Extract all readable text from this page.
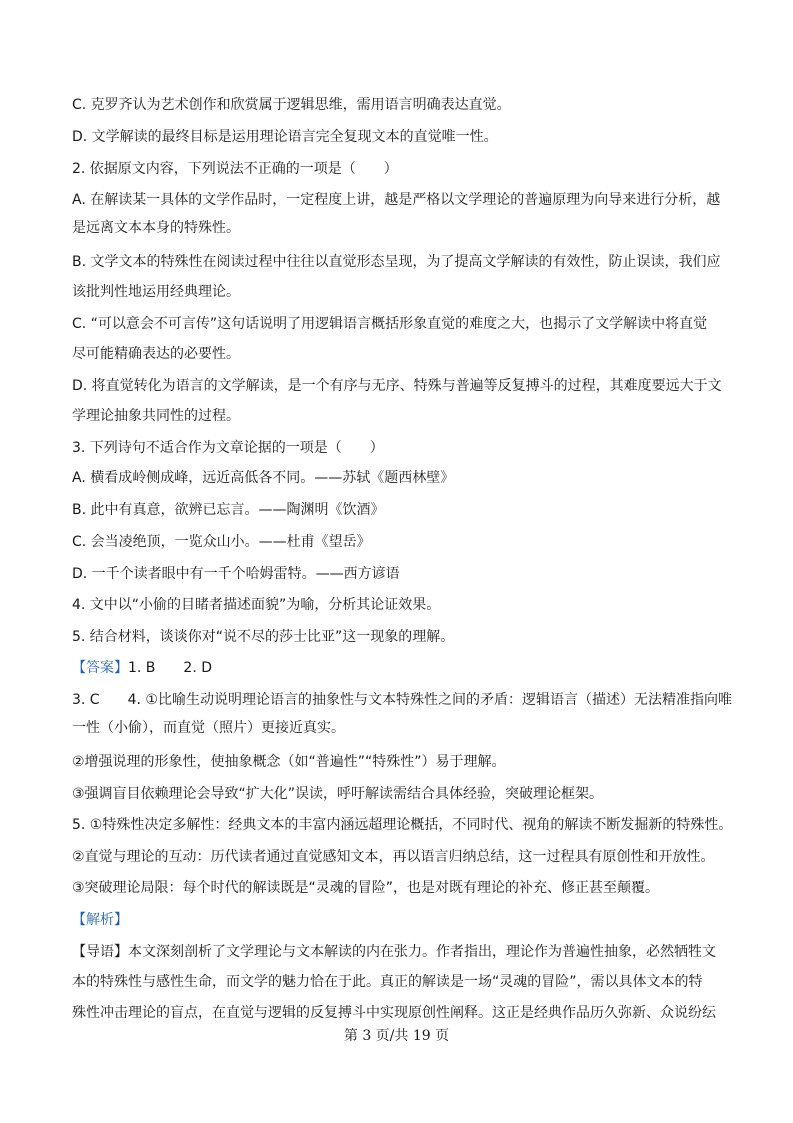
C. 克罗齐认为艺术创作和欣赏属于逻辑思维，需用语言明确表达直觉。
D. 文学解读的最终目标是运用理论语言完全复现文本的直觉唯一性。
2. 依据原文内容，下列说法不正确的一项是（　　）
A. 在解读某一具体的文学作品时，一定程度上讲，越是严格以文学理论的普遍原理为向导来进行分析，越
是远离文本本身的特殊性。
B. 文学文本的特殊性在阅读过程中往往以直觉形态呈现，为了提高文学解读的有效性，防止误读，我们应
该批判性地运用经典理论。
C. “可以意会不可言传”这句话说明了用逻辑语言概括形象直觉的难度之大，也揭示了文学解读中将直觉
尽可能精确表达的必要性。
D. 将直觉转化为语言的文学解读，是一个有序与无序、特殊与普遍等反复搏斗的过程，其难度要远大于文
学理论抽象共同性的过程。
3. 下列诗句不适合作为文章论据的一项是（　　）
A. 横看成岭侧成峰，远近高低各不同。——苏轼《题西林壁》
B. 此中有真意，欲辨已忘言。——陶渊明《饮酒》
C. 会当凌绝顶，一览众山小。——杜甫《望岳》
D. 一千个读者眼中有一千个哈姆雷特。——西方谚语
4. 文中以“小偷的目睹者描述面貌”为喻，分析其论证效果。
5. 结合材料，谈谈你对“说不尽的莎士比亚”这一现象的理解。
【答案】1. B　　2. D
3. C　　4. ①比喻生动说明理论语言的抽象性与文本特殊性之间的矛盾：逻辑语言（描述）无法精准指向唯
一性（小偷），而直觉（照片）更接近真实。
②增强说理的形象性，使抽象概念（如“普遍性”“特殊性”）易于理解。
③强调盲目依赖理论会导致“扩大化”误读，呼吁解读需结合具体经验，突破理论框架。
5. ①特殊性决定多解性：经典文本的丰富内涵远超理论概括，不同时代、视角的解读不断发掘新的特殊性。
②直觉与理论的互动：历代读者通过直觉感知文本，再以语言归纳总结，这一过程具有原创性和开放性。
③突破理论局限：每个时代的解读既是“灵魂的冒险”，也是对既有理论的补充、修正甚至颠覆。
【解析】
【导语】本文深刻剖析了文学理论与文本解读的内在张力。作者指出，理论作为普遍性抽象，必然牺牲文
本的特殊性与感性生命，而文学的魅力恰在于此。真正的解读是一场“灵魂的冒险”，需以具体文本的特
殊性冲击理论的盲点，在直觉与逻辑的反复搏斗中实现原创性阐释。这正是经典作品历久弥新、众说纷纭
第 3 页/共 19 页
